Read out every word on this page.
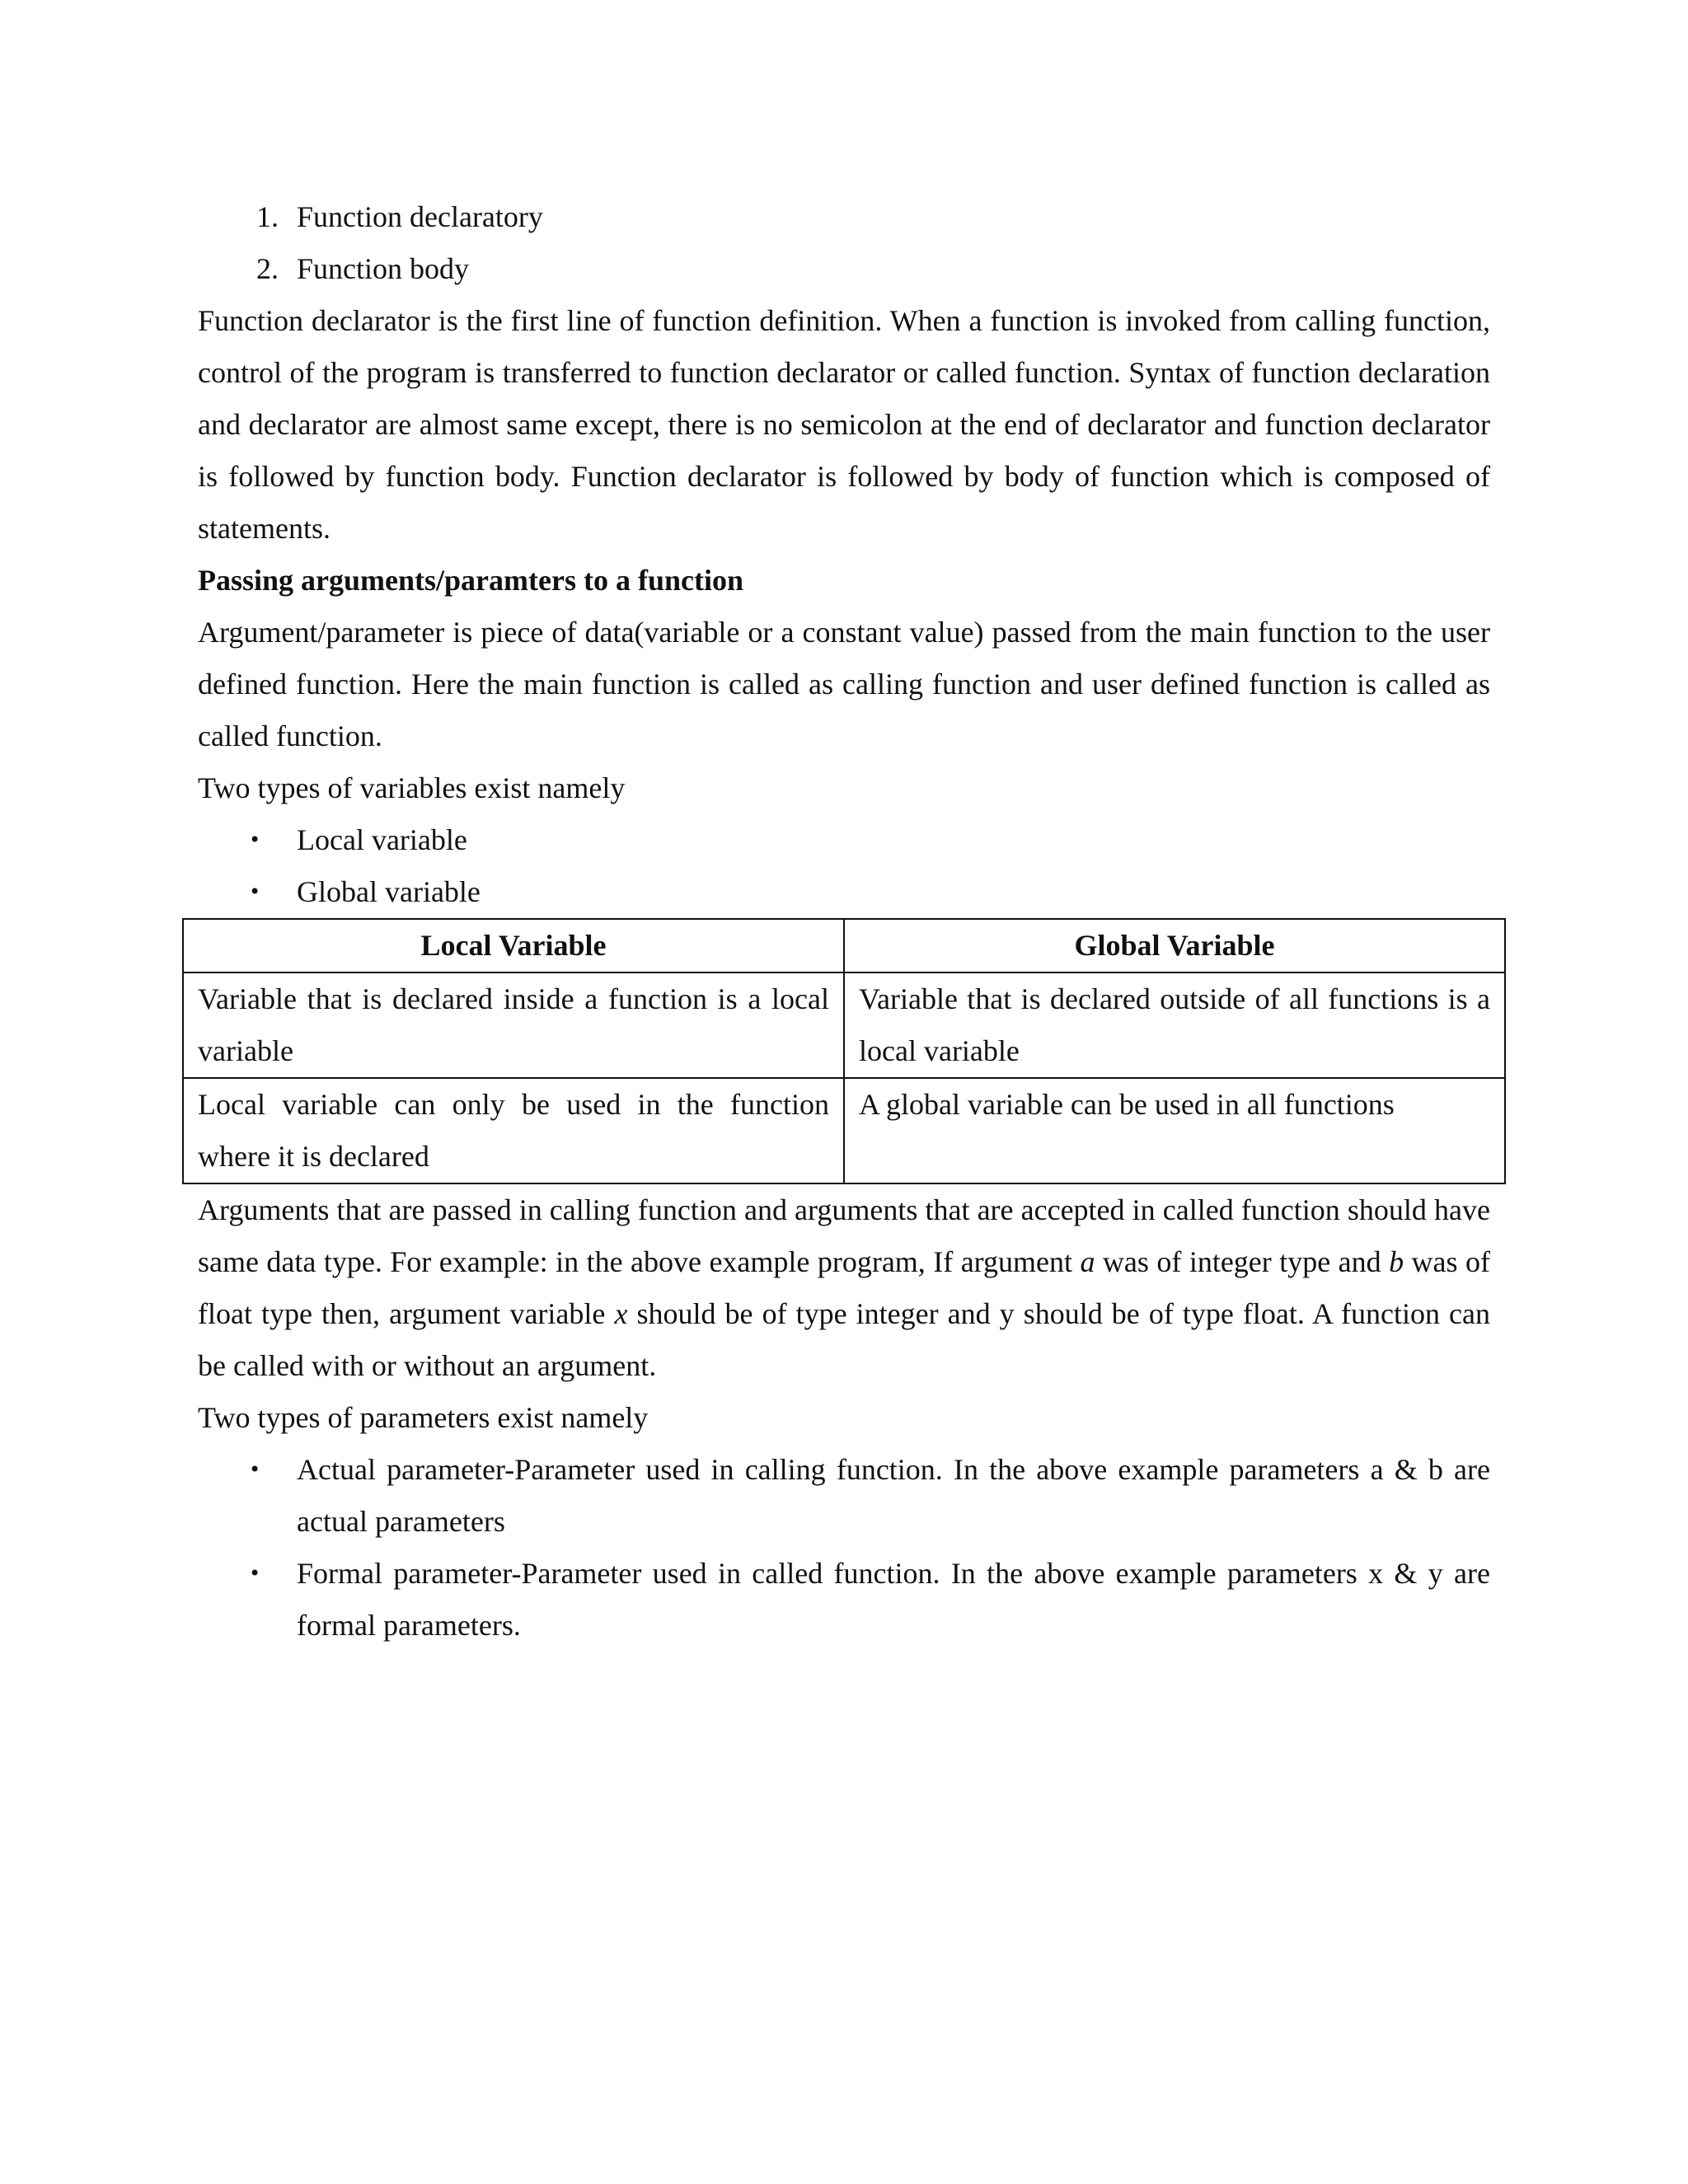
1. Function declaratory
2. Function body

Function declarator is the first line of function definition. When a function is invoked from calling function, control of the program is transferred to function declarator or called function. Syntax of function declaration and declarator are almost same except, there is no semicolon at the end of declarator and function declarator is followed by function body. Function declarator is followed by body of function which is composed of statements.

Passing arguments/paramters to a function

Argument/parameter is piece of data(variable or a constant value) passed from the main function to the user defined function. Here the main function is called as calling function and user defined function is called as called function.

Two types of variables exist namely

•	Local variable
•	Global variable
Local Variable	Global Variable
Variable that is declared inside a function is a local variable	Variable that is declared outside of all functions is a local variable
Local variable can only be used in the function where it is declared	A global variable can be used in all functions

Arguments that are passed in calling function and arguments that are accepted in called function should have same data type. For example: in the above example program, If argument a was of integer type and b was of float type then, argument variable x should be of type integer and y should be of type float. A function can be called with or without an argument.

Two types of parameters exist namely

•	Actual parameter-Parameter used in calling function. In the above example parameters a & b are actual parameters
•	Formal parameter-Parameter used in called function. In the above example parameters x & y are formal parameters.
